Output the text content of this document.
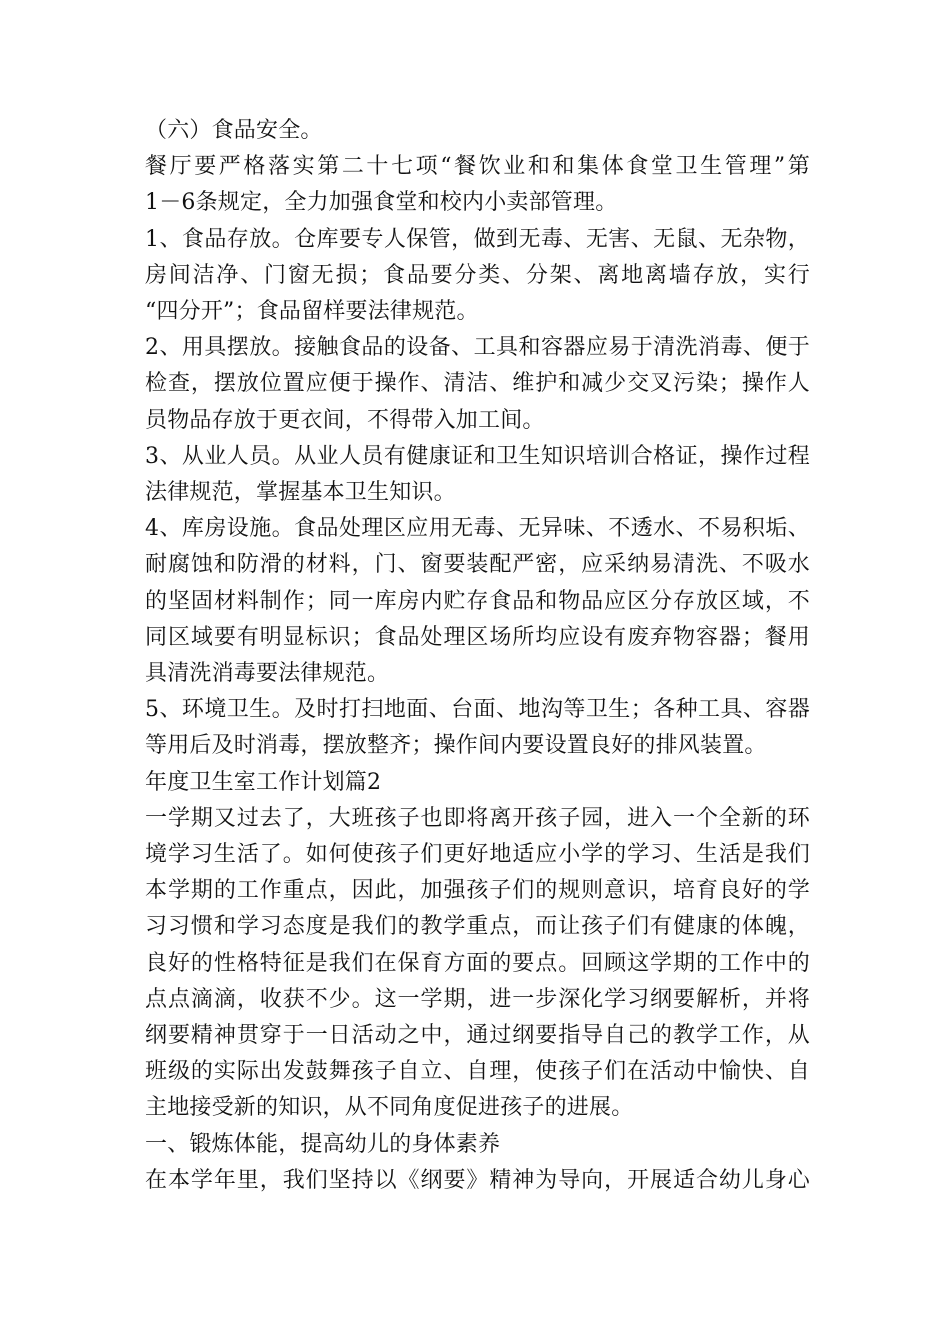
（六）食品安全。
餐厅要严格落实第二十七项“餐饮业和和集体食堂卫生管理”第
1－6条规定，全力加强食堂和校内小卖部管理。
1、食品存放。仓库要专人保管，做到无毒、无害、无鼠、无杂物，
房间洁净、门窗无损；食品要分类、分架、离地离墙存放，实行
“四分开”；食品留样要法律规范。
2、用具摆放。接触食品的设备、工具和容器应易于清洗消毒、便于
检查，摆放位置应便于操作、清洁、维护和减少交叉污染；操作人
员物品存放于更衣间，不得带入加工间。
3、从业人员。从业人员有健康证和卫生知识培训合格证，操作过程
法律规范，掌握基本卫生知识。
4、库房设施。食品处理区应用无毒、无异味、不透水、不易积垢、
耐腐蚀和防滑的材料，门、窗要装配严密，应采纳易清洗、不吸水
的坚固材料制作；同一库房内贮存食品和物品应区分存放区域，不
同区域要有明显标识；食品处理区场所均应设有废弃物容器；餐用
具清洗消毒要法律规范。
5、环境卫生。及时打扫地面、台面、地沟等卫生；各种工具、容器
等用后及时消毒，摆放整齐；操作间内要设置良好的排风装置。
年度卫生室工作计划篇2
一学期又过去了，大班孩子也即将离开孩子园，进入一个全新的环
境学习生活了。如何使孩子们更好地适应小学的学习、生活是我们
本学期的工作重点，因此，加强孩子们的规则意识，培育良好的学
习习惯和学习态度是我们的教学重点，而让孩子们有健康的体魄，
良好的性格特征是我们在保育方面的要点。回顾这学期的工作中的
点点滴滴，收获不少。这一学期，进一步深化学习纲要解析，并将
纲要精神贯穿于一日活动之中，通过纲要指导自己的教学工作，从
班级的实际出发鼓舞孩子自立、自理，使孩子们在活动中愉快、自
主地接受新的知识，从不同角度促进孩子的进展。
一、锻炼体能，提高幼儿的身体素养
在本学年里，我们坚持以《纲要》精神为导向，开展适合幼儿身心
